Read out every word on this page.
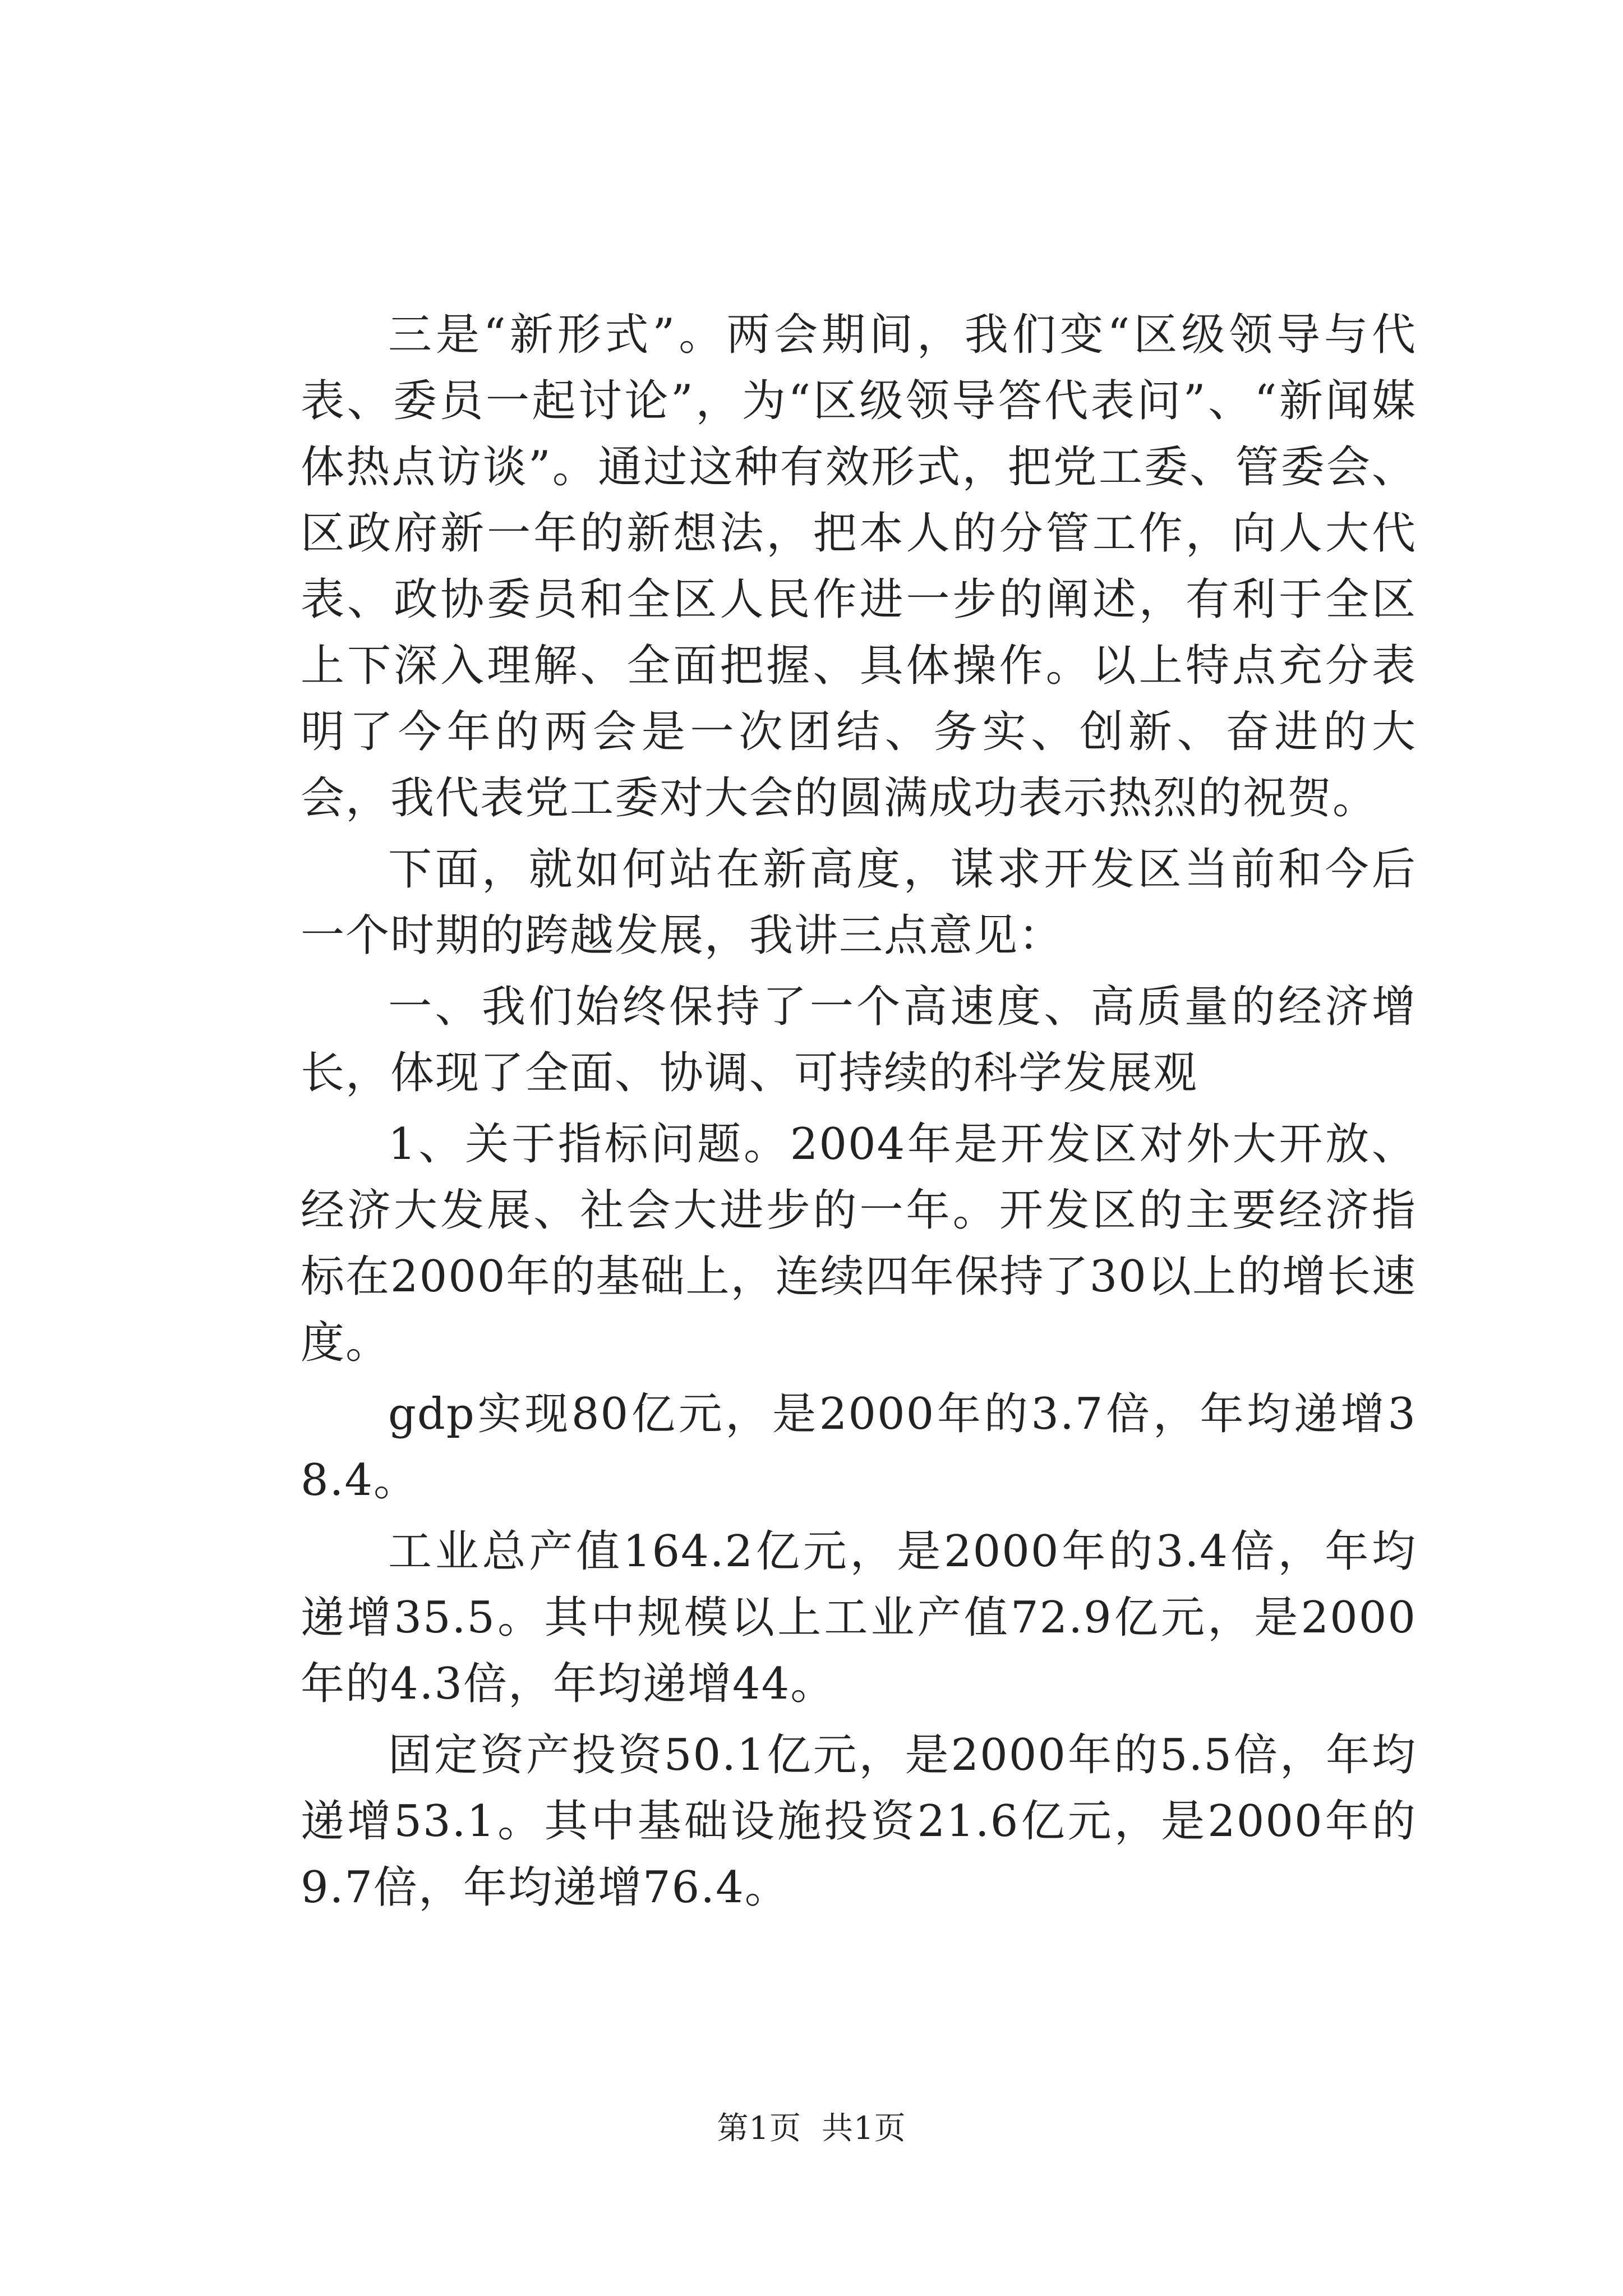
三是“新形式”。两会期间，我们变“区级领导与代表、委员一起讨论”，为“区级领导答代表问”、“新闻媒体热点访谈”。通过这种有效形式，把党工委、管委会、区政府新一年的新想法，把本人的分管工作，向人大代表、政协委员和全区人民作进一步的阐述，有利于全区上下深入理解、全面把握、具体操作。以上特点充分表明了今年的两会是一次团结、务实、创新、奋进的大会，我代表党工委对大会的圆满成功表示热烈的祝贺。

下面，就如何站在新高度，谋求开发区当前和今后一个时期的跨越发展，我讲三点意见：

一、我们始终保持了一个高速度、高质量的经济增长，体现了全面、协调、可持续的科学发展观

1、关于指标问题。2004年是开发区对外大开放、经济大发展、社会大进步的一年。开发区的主要经济指标在2000年的基础上，连续四年保持了30以上的增长速度。

gdp实现80亿元，是2000年的3.7倍，年均递增38.4。

工业总产值164.2亿元，是2000年的3.4倍，年均递增35.5。其中规模以上工业产值72.9亿元，是2000年的4.3倍，年均递增44。

固定资产投资50.1亿元，是2000年的5.5倍，年均递增53.1。其中基础设施投资21.6亿元，是2000年的9.7倍，年均递增76.4。

第1页 共1页
